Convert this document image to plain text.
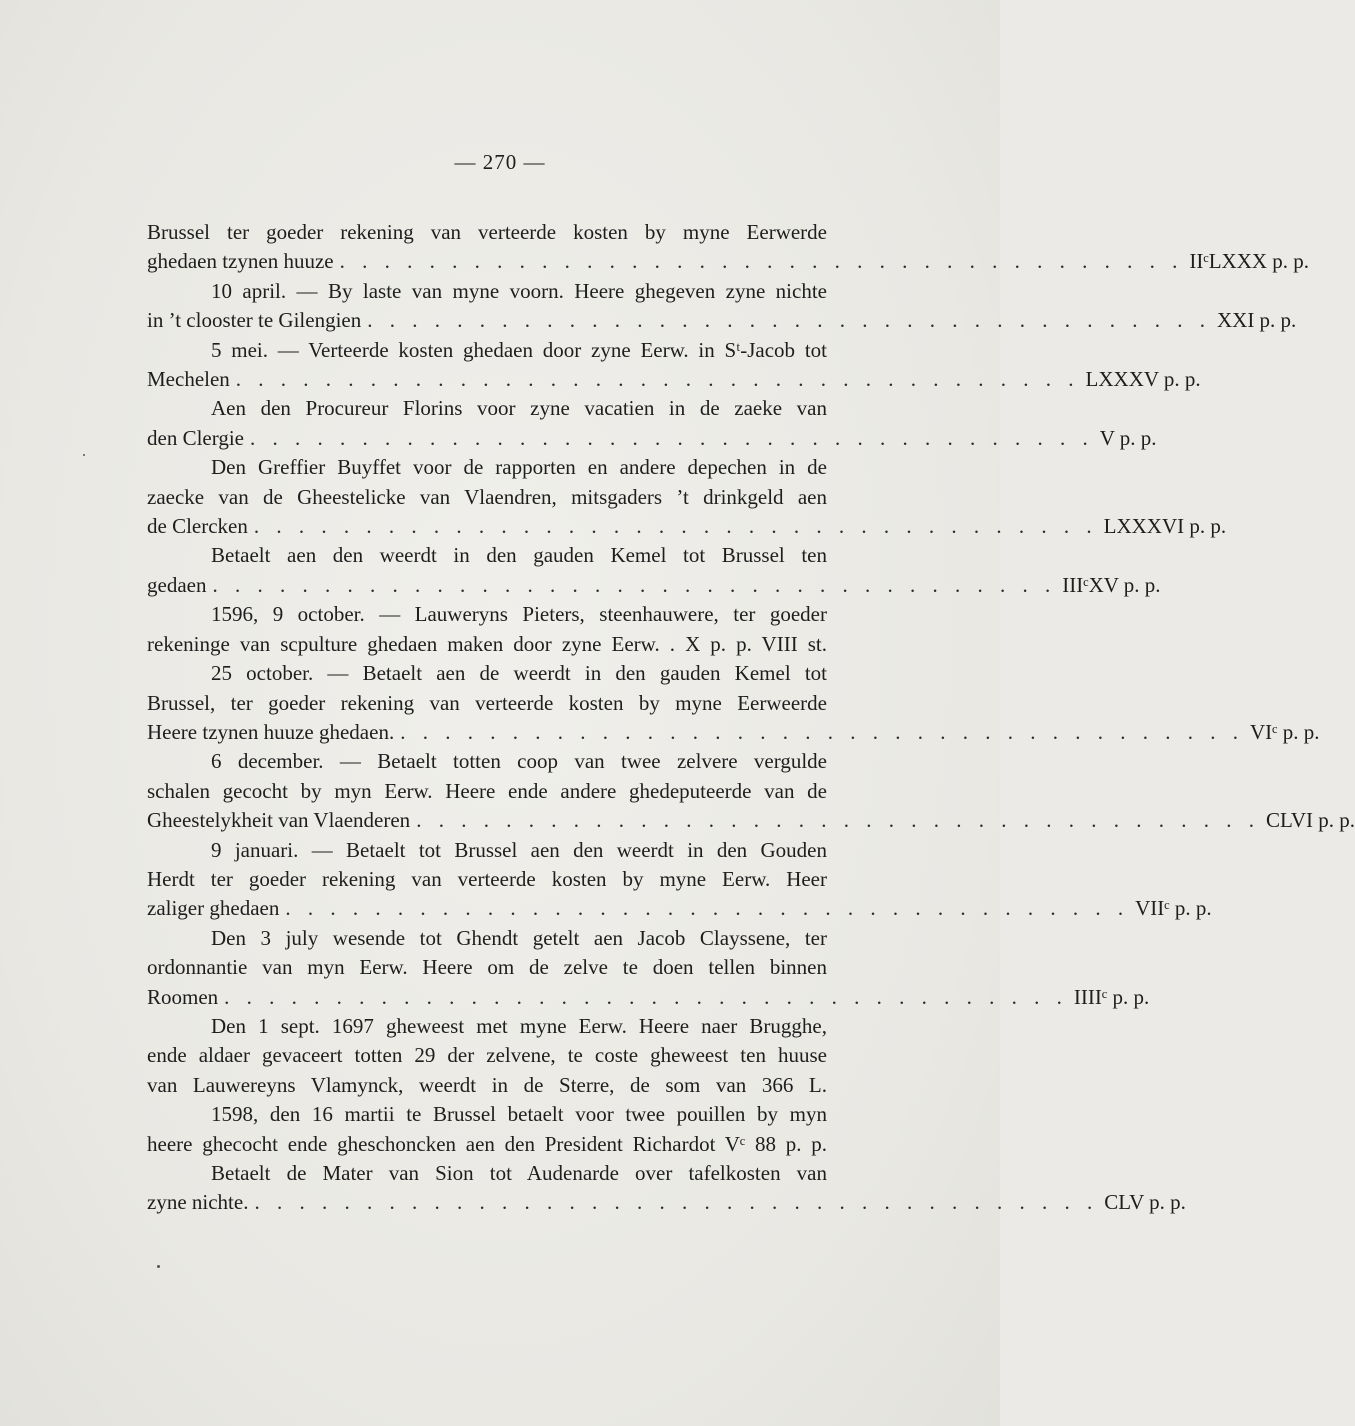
— 270 —
Brussel ter goeder rekening van verteerde kosten by myne Eerwerde
ghedaen tzynen huuze . . . . . . . . . . . . . . . . . . . . . . . . . . . . . . . . . . . . . . IIᶜLXXX p. p.
10 april. — By laste van myne voorn. Heere ghegeven zyne nichte
in ’t clooster te Gilengien . . . . . . . . . . . . . . . . . . . . . . . . . . . . . . . . . . . . . . XXI p. p.
5 mei. — Verteerde kosten ghedaen door zyne Eerw. in Sᵗ-Jacob tot
Mechelen . . . . . . . . . . . . . . . . . . . . . . . . . . . . . . . . . . . . . . LXXXV p. p.
Aen den Procureur Florins voor zyne vacatien in de zaeke van
den Clergie . . . . . . . . . . . . . . . . . . . . . . . . . . . . . . . . . . . . . . V p. p.
Den Greffier Buyffet voor de rapporten en andere depechen in de
zaecke van de Gheestelicke van Vlaendren, mitsgaders ’t drinkgeld aen
de Clercken . . . . . . . . . . . . . . . . . . . . . . . . . . . . . . . . . . . . . . LXXXVI p. p.
Betaelt aen den weerdt in den gauden Kemel tot Brussel ten
gedaen . . . . . . . . . . . . . . . . . . . . . . . . . . . . . . . . . . . . . . IIIᶜXV p. p.
1596, 9 october. — Lauweryns Pieters, steenhauwere, ter goeder
rekeninge van scpulture ghedaen maken door zyne Eerw. . X p. p. VIII st.
25 october. — Betaelt aen de weerdt in den gauden Kemel tot
Brussel, ter goeder rekening van verteerde kosten by myne Eerweerde
Heere tzynen huuze ghedaen. . . . . . . . . . . . . . . . . . . . . . . . . . . . . . . . . . . . . . . VIᶜ p. p.
6 december. — Betaelt totten coop van twee zelvere vergulde
schalen gecocht by myn Eerw. Heere ende andere ghedeputeerde van de
Gheestelykheit van Vlaenderen . . . . . . . . . . . . . . . . . . . . . . . . . . . . . . . . . . . . . . CLVI p. p.
9 januari. — Betaelt tot Brussel aen den weerdt in den Gouden
Herdt ter goeder rekening van verteerde kosten by myne Eerw. Heer
zaliger ghedaen . . . . . . . . . . . . . . . . . . . . . . . . . . . . . . . . . . . . . . VIIᶜ p. p.
Den 3 july wesende tot Ghendt getelt aen Jacob Clayssene, ter
ordonnantie van myn Eerw. Heere om de zelve te doen tellen binnen
Roomen . . . . . . . . . . . . . . . . . . . . . . . . . . . . . . . . . . . . . . IIIIᶜ p. p.
Den 1 sept. 1697 gheweest met myne Eerw. Heere naer Brugghe,
ende aldaer gevaceert totten 29 der zelvene, te coste gheweest ten huuse
van Lauwereyns Vlamynck, weerdt in de Sterre, de som van 366 L.
1598, den 16 martii te Brussel betaelt voor twee pouillen by myn
heere ghecocht ende gheschoncken aen den President Richardot Vᶜ 88 p. p.
Betaelt de Mater van Sion tot Audenarde over tafelkosten van
zyne nichte. . . . . . . . . . . . . . . . . . . . . . . . . . . . . . . . . . . . . . . CLV p. p.
